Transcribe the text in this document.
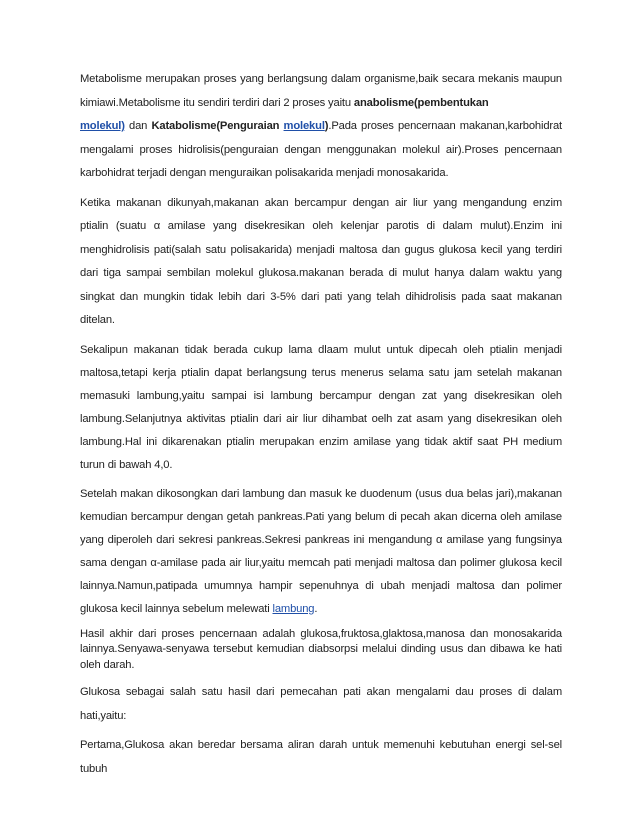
Metabolisme merupakan proses yang berlangsung dalam organisme,baik secara mekanis maupun kimiawi.Metabolisme itu sendiri terdiri dari 2 proses yaitu anabolisme(pembentukan
molekul) dan Katabolisme(Penguraian molekul).Pada proses pencernaan makanan,karbohidrat mengalami proses hidrolisis(penguraian dengan menggunakan molekul air).Proses pencernaan karbohidrat terjadi dengan menguraikan polisakarida menjadi monosakarida.

Ketika makanan dikunyah,makanan akan bercampur dengan air liur yang mengandung enzim ptialin (suatu α amilase yang disekresikan oleh kelenjar parotis di dalam mulut).Enzim ini menghidrolisis pati(salah satu polisakarida) menjadi maltosa dan gugus glukosa kecil yang terdiri dari tiga sampai sembilan molekul glukosa.makanan berada di mulut hanya dalam waktu yang singkat dan mungkin tidak lebih dari 3-5% dari pati yang telah dihidrolisis pada saat makanan ditelan.

Sekalipun makanan tidak berada cukup lama dlaam mulut untuk dipecah oleh ptialin menjadi maltosa,tetapi kerja ptialin dapat berlangsung terus menerus selama satu jam setelah makanan memasuki lambung,yaitu sampai isi lambung bercampur dengan zat yang disekresikan oleh lambung.Selanjutnya aktivitas ptialin dari air liur dihambat oelh zat asam yang disekresikan oleh lambung.Hal ini dikarenakan ptialin merupakan enzim amilase yang tidak aktif saat PH medium turun di bawah 4,0.

Setelah makan dikosongkan dari lambung dan masuk ke duodenum (usus dua belas jari),makanan kemudian bercampur dengan getah pankreas.Pati yang belum di pecah akan dicerna oleh amilase yang diperoleh dari sekresi pankreas.Sekresi pankreas ini mengandung α amilase yang fungsinya sama dengan α-amilase pada air liur,yaitu memcah pati menjadi maltosa dan polimer glukosa kecil lainnya.Namun,patipada umumnya hampir sepenuhnya di ubah menjadi maltosa dan polimer glukosa kecil lainnya sebelum melewati lambung.

Hasil akhir dari proses pencernaan adalah glukosa,fruktosa,glaktosa,manosa dan monosakarida lainnya.Senyawa-senyawa tersebut kemudian diabsorpsi melalui dinding usus dan dibawa ke hati oleh darah.

Glukosa sebagai salah satu hasil dari pemecahan pati akan mengalami dau proses di dalam hati,yaitu:

Pertama,Glukosa akan beredar bersama aliran darah untuk memenuhi kebutuhan energi sel-sel tubuh
